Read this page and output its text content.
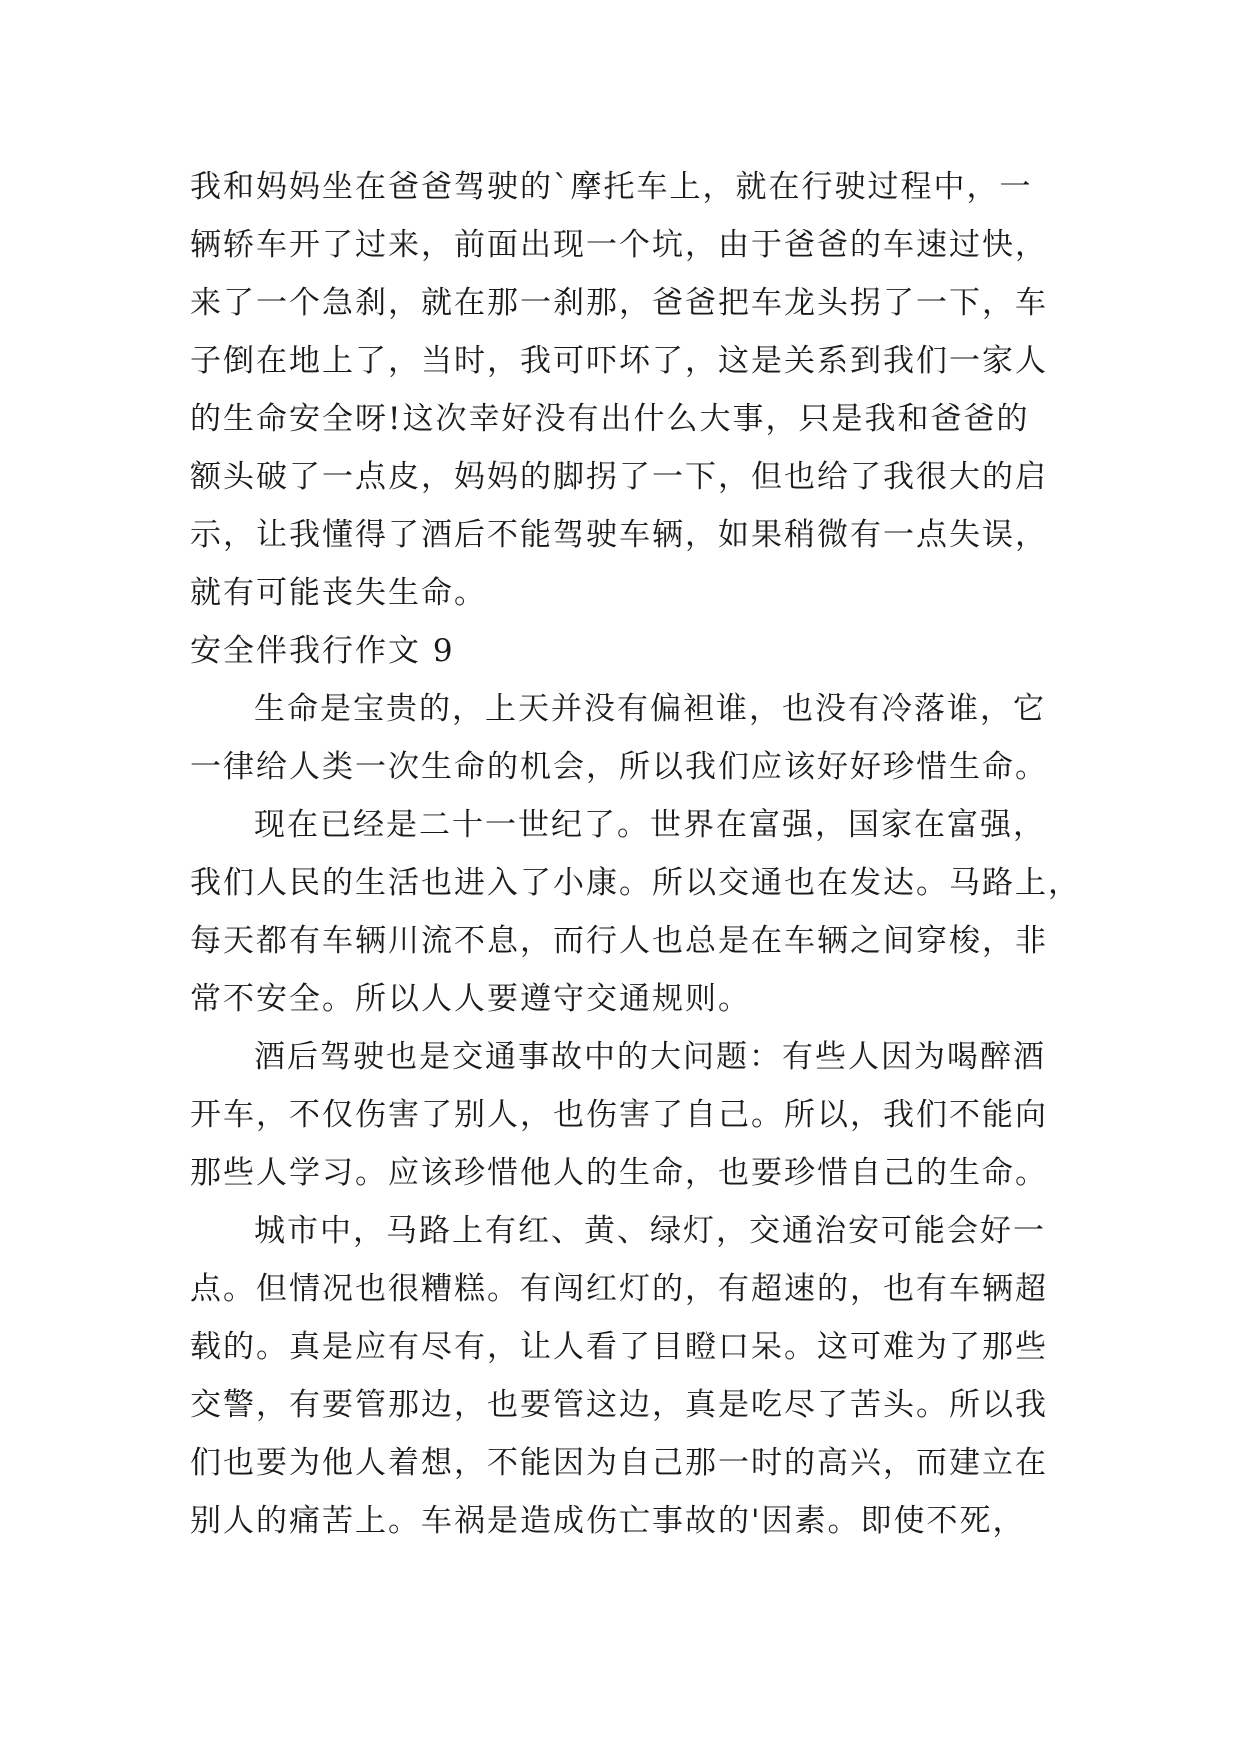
我和妈妈坐在爸爸驾驶的`摩托车上，就在行驶过程中，一
辆轿车开了过来，前面出现一个坑，由于爸爸的车速过快，
来了一个急刹，就在那一刹那，爸爸把车龙头拐了一下，车
子倒在地上了，当时，我可吓坏了，这是关系到我们一家人
的生命安全呀!这次幸好没有出什么大事，只是我和爸爸的
额头破了一点皮，妈妈的脚拐了一下，但也给了我很大的启
示，让我懂得了酒后不能驾驶车辆，如果稍微有一点失误，
就有可能丧失生命。
安全伴我行作文 9
生命是宝贵的，上天并没有偏袒谁，也没有冷落谁，它
一律给人类一次生命的机会，所以我们应该好好珍惜生命。
现在已经是二十一世纪了。世界在富强，国家在富强，
我们人民的生活也进入了小康。所以交通也在发达。马路上，
每天都有车辆川流不息，而行人也总是在车辆之间穿梭，非
常不安全。所以人人要遵守交通规则。
酒后驾驶也是交通事故中的大问题：有些人因为喝醉酒
开车，不仅伤害了别人，也伤害了自己。所以，我们不能向
那些人学习。应该珍惜他人的生命，也要珍惜自己的生命。
城市中，马路上有红、黄、绿灯，交通治安可能会好一
点。但情况也很糟糕。有闯红灯的，有超速的，也有车辆超
载的。真是应有尽有，让人看了目瞪口呆。这可难为了那些
交警，有要管那边，也要管这边，真是吃尽了苦头。所以我
们也要为他人着想，不能因为自己那一时的高兴，而建立在
别人的痛苦上。车祸是造成伤亡事故的'因素。即使不死，
